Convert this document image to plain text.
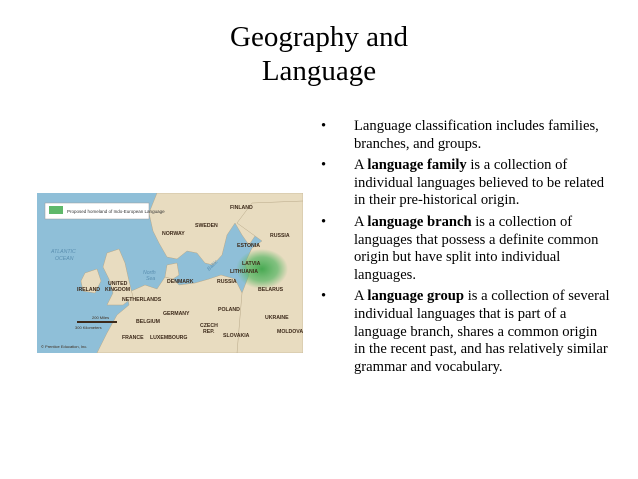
Geography and
Language
• Language classification includes families, branches, and groups.
• A language family is a collection of individual languages believed to be related in their pre-historical origin.
• A language branch is a collection of languages that possess a definite common origin but have split into individual languages.
• A language group is a collection of several individual languages that is part of a language branch, shares a common origin in the recent past, and has relatively similar grammar and vocabulary.
Proposed homeland of Indo-European Language
FINLAND
SWEDEN
NORWAY
ESTONIA
RUSSIA
LATVIA
LITHUANIA
RUSSIA
BELARUS
DENMARK
UNITED
KINGDOM
IRELAND
NETHERLANDS
POLAND
UKRAINE
GERMANY
BELGIUM
CZECH
REP.
SLOVAKIA
MOLDOVA
FRANCE LUXEMBOURG
ATLANTIC
OCEAN
North
Sea
Baltic
200 Miles
300 Kilometers
© Prentice Education, Inc.
